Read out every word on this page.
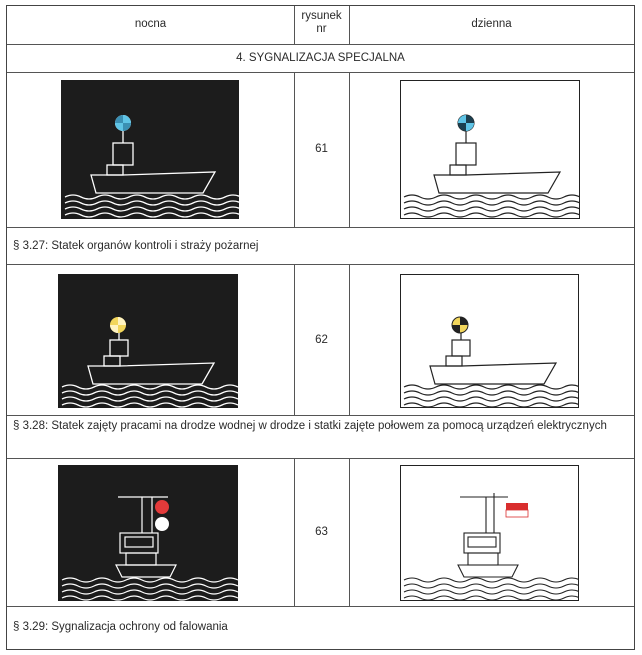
nocna
rysunek
nr	dzienna
4. SYGNALIZACJA SPECJALNA
61
§ 3.27: Statek organów kontroli i straży pożarnej
62
§ 3.28: Statek zajęty pracami na drodze wodnej w drodze i statki zajęte połowem za pomocą urządzeń elektrycznych
63
§ 3.29: Sygnalizacja ochrony od falowania
